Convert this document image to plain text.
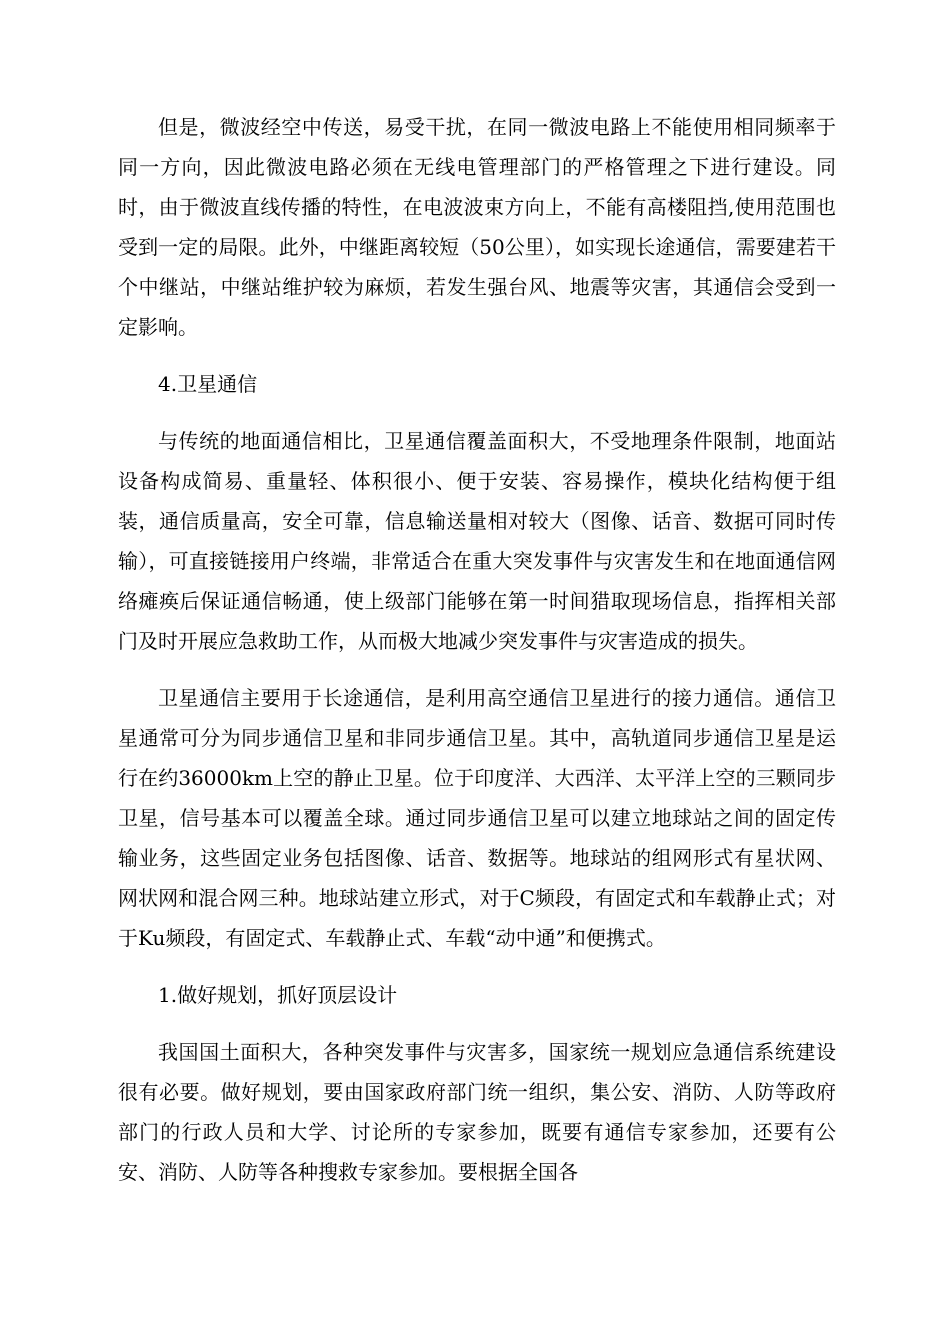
但是，微波经空中传送，易受干扰，在同一微波电路上不能使用相同频率于同一方向，因此微波电路必须在无线电管理部门的严格管理之下进行建设。同时，由于微波直线传播的特性，在电波波束方向上，不能有高楼阻挡,使用范围也受到一定的局限。此外，中继距离较短（50公里），如实现长途通信，需要建若干个中继站，中继站维护较为麻烦，若发生强台风、地震等灾害，其通信会受到一定影响。

4.卫星通信

与传统的地面通信相比，卫星通信覆盖面积大，不受地理条件限制，地面站设备构成简易、重量轻、体积很小、便于安装、容易操作，模块化结构便于组装，通信质量高，安全可靠，信息输送量相对较大（图像、话音、数据可同时传输），可直接链接用户终端，非常适合在重大突发事件与灾害发生和在地面通信网络瘫痪后保证通信畅通，使上级部门能够在第一时间猎取现场信息，指挥相关部门及时开展应急救助工作，从而极大地减少突发事件与灾害造成的损失。

卫星通信主要用于长途通信，是利用高空通信卫星进行的接力通信。通信卫星通常可分为同步通信卫星和非同步通信卫星。其中，高轨道同步通信卫星是运行在约36000km上空的静止卫星。位于印度洋、大西洋、太平洋上空的三颗同步卫星，信号基本可以覆盖全球。通过同步通信卫星可以建立地球站之间的固定传输业务，这些固定业务包括图像、话音、数据等。地球站的组网形式有星状网、网状网和混合网三种。地球站建立形式，对于C频段，有固定式和车载静止式；对于Ku频段，有固定式、车载静止式、车载“动中通”和便携式。

1.做好规划，抓好顶层设计

我国国土面积大，各种突发事件与灾害多，国家统一规划应急通信系统建设很有必要。做好规划，要由国家政府部门统一组织，集公安、消防、人防等政府部门的行政人员和大学、讨论所的专家参加，既要有通信专家参加，还要有公安、消防、人防等各种搜救专家参加。要根据全国各
